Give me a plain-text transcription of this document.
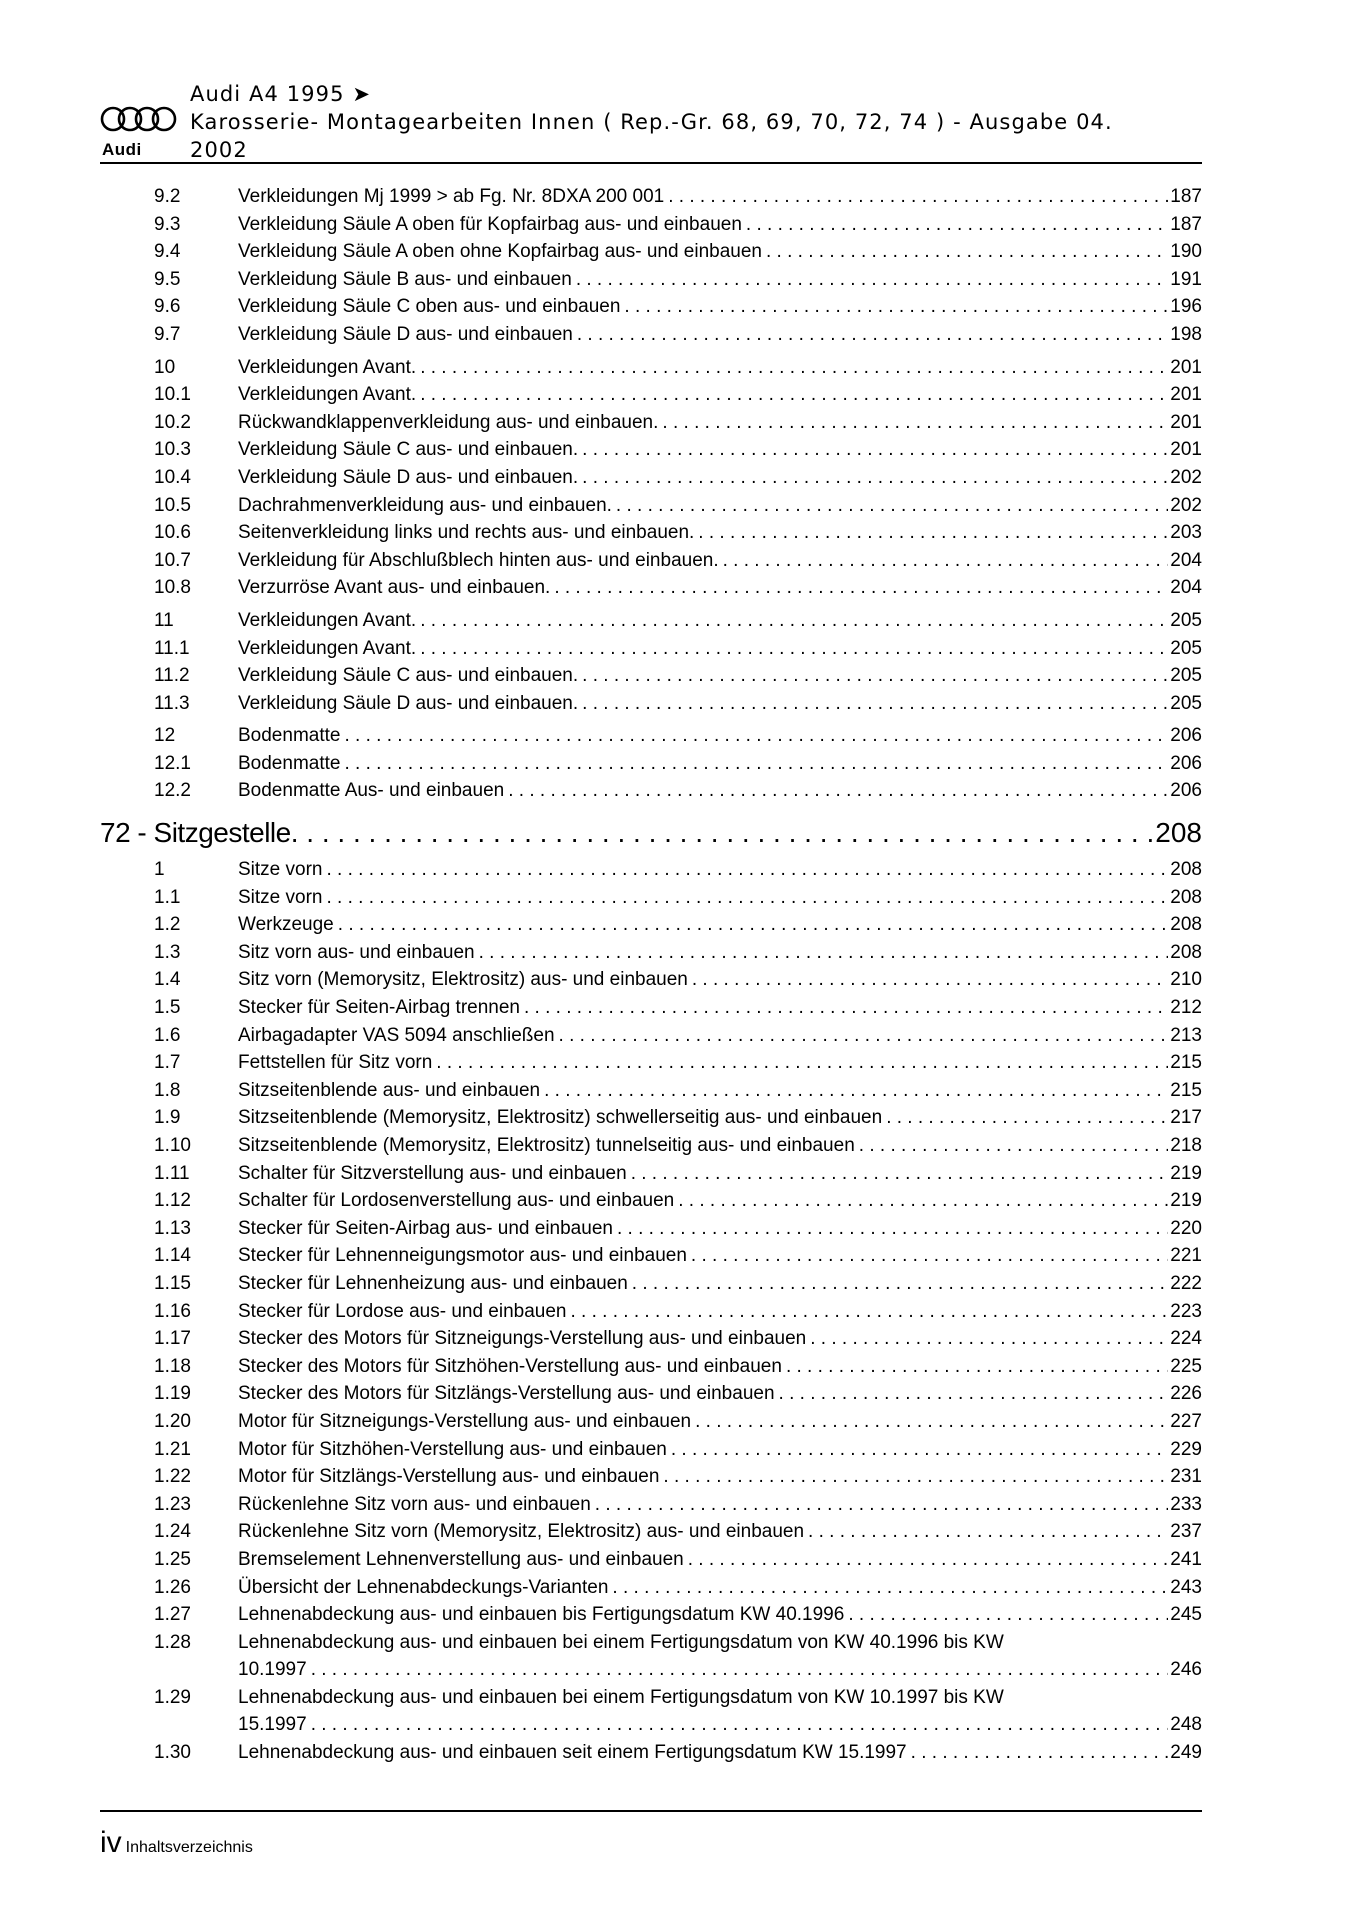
Audi
Audi A4 1995 ➤
Karosserie- Montagearbeiten Innen ( Rep.-Gr. 68, 69, 70, 72, 74 ) - Ausgabe 04.
2002
9.2	Verkleidungen Mj 1999 > ab Fg. Nr. 8DXA 200 001 . . .	187
9.3	Verkleidung Säule A oben für Kopfairbag aus- und einbauen . . .	187
9.4	Verkleidung Säule A oben ohne Kopfairbag aus- und einbauen . . .	190
9.5	Verkleidung Säule B aus- und einbauen . . .	191
9.6	Verkleidung Säule C oben aus- und einbauen . . .	196
9.7	Verkleidung Säule D aus- und einbauen . . .	198
10	Verkleidungen Avant. . . .	201
10.1	Verkleidungen Avant. . . .	201
10.2	Rückwandklappenverkleidung aus- und einbauen. . . .	201
10.3	Verkleidung Säule C aus- und einbauen. . . .	201
10.4	Verkleidung Säule D aus- und einbauen. . . .	202
10.5	Dachrahmenverkleidung aus- und einbauen. . . .	202
10.6	Seitenverkleidung links und rechts aus- und einbauen. . . .	203
10.7	Verkleidung für Abschlußblech hinten aus- und einbauen. . . .	204
10.8	Verzurröse Avant aus- und einbauen. . . .	204
11	Verkleidungen Avant. . . .	205
11.1	Verkleidungen Avant. . . .	205
11.2	Verkleidung Säule C aus- und einbauen. . . .	205
11.3	Verkleidung Säule D aus- und einbauen. . . .	205
12	Bodenmatte . . .	206
12.1	Bodenmatte . . .	206
12.2	Bodenmatte Aus- und einbauen . . .	206
72 - Sitzgestelle . . .	208
1	Sitze vorn . . .	208
1.1	Sitze vorn . . .	208
1.2	Werkzeuge . . .	208
1.3	Sitz vorn aus- und einbauen . . .	208
1.4	Sitz vorn (Memorysitz, Elektrositz) aus- und einbauen . . .	210
1.5	Stecker für Seiten-Airbag trennen . . .	212
1.6	Airbagadapter VAS 5094 anschließen . . .	213
1.7	Fettstellen für Sitz vorn . . .	215
1.8	Sitzseitenblende aus- und einbauen . . .	215
1.9	Sitzseitenblende (Memorysitz, Elektrositz) schwellerseitig aus- und einbauen . . .	217
1.10	Sitzseitenblende (Memorysitz, Elektrositz) tunnelseitig aus- und einbauen . . .	218
1.11	Schalter für Sitzverstellung aus- und einbauen . . .	219
1.12	Schalter für Lordosenverstellung aus- und einbauen . . .	219
1.13	Stecker für Seiten-Airbag aus- und einbauen . . .	220
1.14	Stecker für Lehnenneigungsmotor aus- und einbauen . . .	221
1.15	Stecker für Lehnenheizung aus- und einbauen . . .	222
1.16	Stecker für Lordose aus- und einbauen . . .	223
1.17	Stecker des Motors für Sitzneigungs-Verstellung aus- und einbauen . . .	224
1.18	Stecker des Motors für Sitzhöhen-Verstellung aus- und einbauen . . .	225
1.19	Stecker des Motors für Sitzlängs-Verstellung aus- und einbauen . . .	226
1.20	Motor für Sitzneigungs-Verstellung aus- und einbauen . . .	227
1.21	Motor für Sitzhöhen-Verstellung aus- und einbauen . . .	229
1.22	Motor für Sitzlängs-Verstellung aus- und einbauen . . .	231
1.23	Rückenlehne Sitz vorn aus- und einbauen . . .	233
1.24	Rückenlehne Sitz vorn (Memorysitz, Elektrositz) aus- und einbauen . . .	237
1.25	Bremselement Lehnenverstellung aus- und einbauen . . .	241
1.26	Übersicht der Lehnenabdeckungs-Varianten . . .	243
1.27	Lehnenabdeckung aus- und einbauen bis Fertigungsdatum KW 40.1996 . . .	245
1.28	Lehnenabdeckung aus- und einbauen bei einem Fertigungsdatum von KW 40.1996 bis KW
10.1997 . . .	246
1.29	Lehnenabdeckung aus- und einbauen bei einem Fertigungsdatum von KW 10.1997 bis KW
15.1997 . . .	248
1.30	Lehnenabdeckung aus- und einbauen seit einem Fertigungsdatum KW 15.1997 . . .	249
iv Inhaltsverzeichnis
